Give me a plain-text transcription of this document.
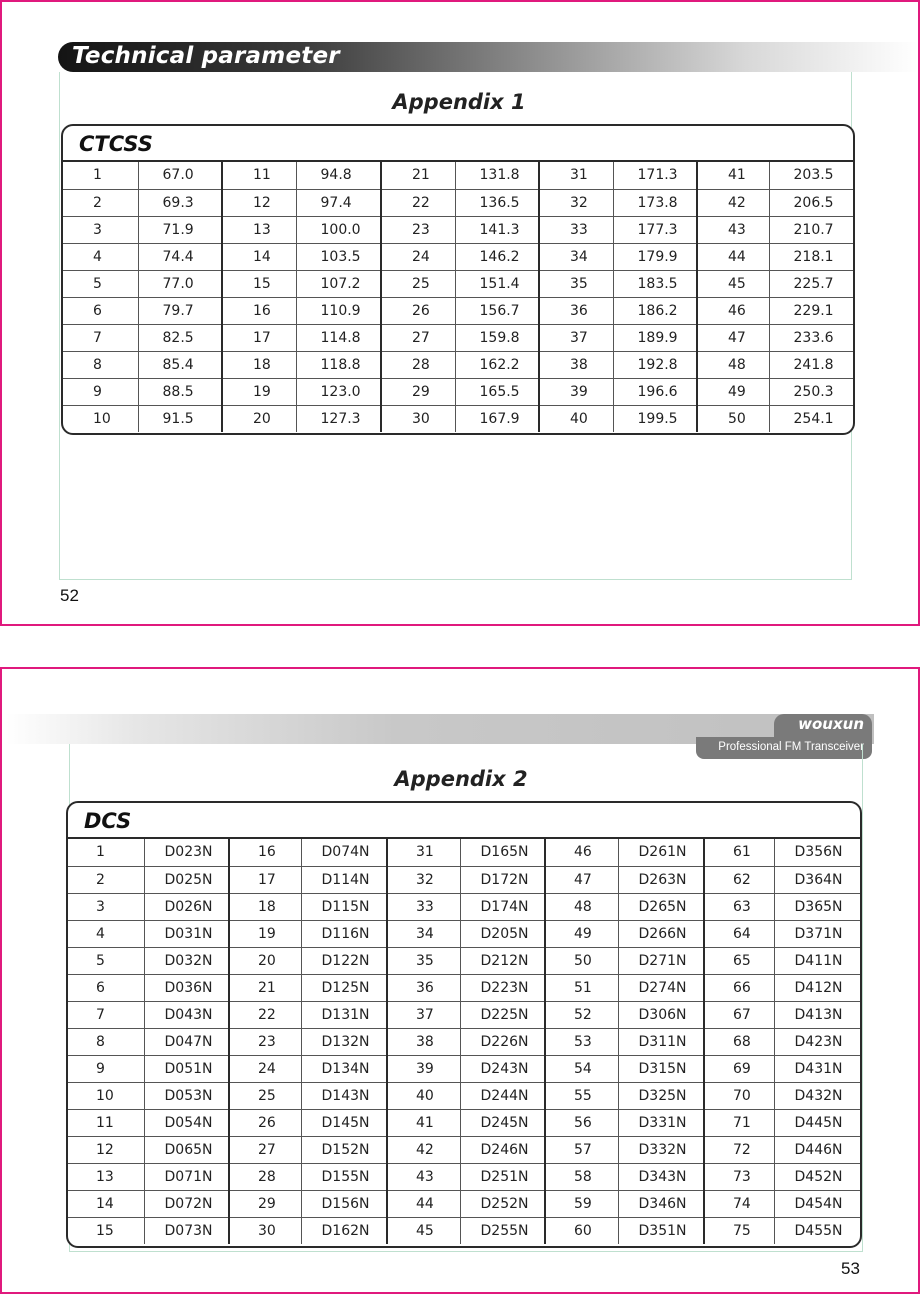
Technical parameter
Appendix 1
CTCSS
1	67.0	11	94.8	21	131.8	31	171.3	41	203.5
2	69.3	12	97.4	22	136.5	32	173.8	42	206.5
3	71.9	13	100.0	23	141.3	33	177.3	43	210.7
4	74.4	14	103.5	24	146.2	34	179.9	44	218.1
5	77.0	15	107.2	25	151.4	35	183.5	45	225.7
6	79.7	16	110.9	26	156.7	36	186.2	46	229.1
7	82.5	17	114.8	27	159.8	37	189.9	47	233.6
8	85.4	18	118.8	28	162.2	38	192.8	48	241.8
9	88.5	19	123.0	29	165.5	39	196.6	49	250.3
10	91.5	20	127.3	30	167.9	40	199.5	50	254.1
52
wouxun
Professional FM Transceiver
Appendix 2
DCS
1	D023N	16	D074N	31	D165N	46	D261N	61	D356N
2	D025N	17	D114N	32	D172N	47	D263N	62	D364N
3	D026N	18	D115N	33	D174N	48	D265N	63	D365N
4	D031N	19	D116N	34	D205N	49	D266N	64	D371N
5	D032N	20	D122N	35	D212N	50	D271N	65	D411N
6	D036N	21	D125N	36	D223N	51	D274N	66	D412N
7	D043N	22	D131N	37	D225N	52	D306N	67	D413N
8	D047N	23	D132N	38	D226N	53	D311N	68	D423N
9	D051N	24	D134N	39	D243N	54	D315N	69	D431N
10	D053N	25	D143N	40	D244N	55	D325N	70	D432N
11	D054N	26	D145N	41	D245N	56	D331N	71	D445N
12	D065N	27	D152N	42	D246N	57	D332N	72	D446N
13	D071N	28	D155N	43	D251N	58	D343N	73	D452N
14	D072N	29	D156N	44	D252N	59	D346N	74	D454N
15	D073N	30	D162N	45	D255N	60	D351N	75	D455N
53
